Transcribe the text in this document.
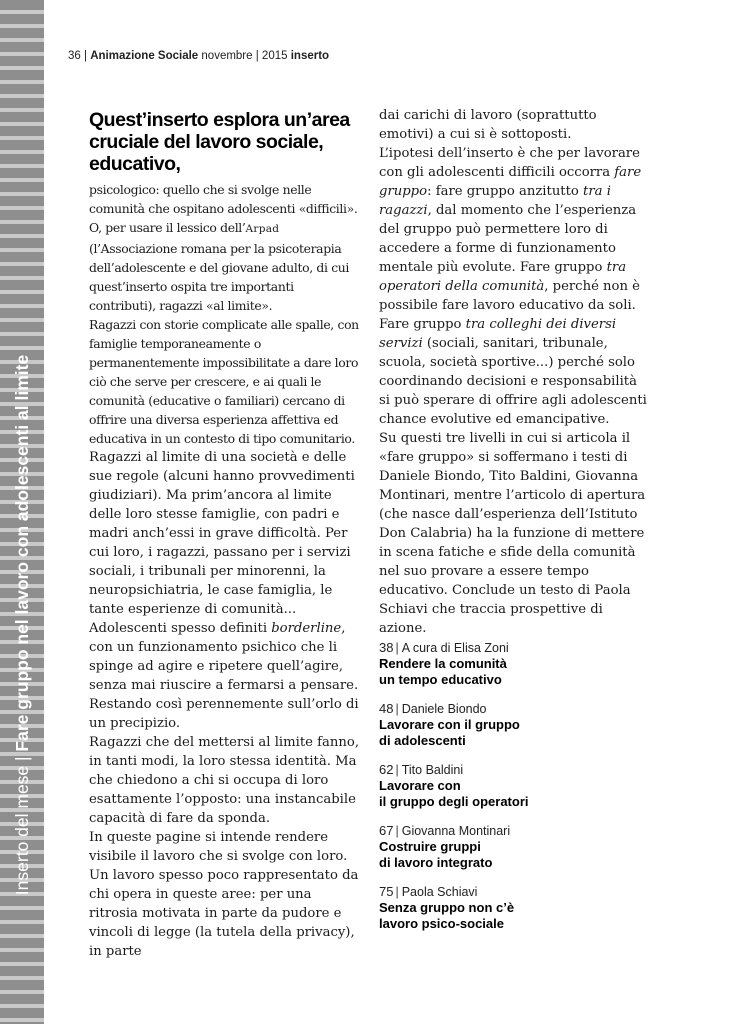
Inserto del mese | Fare gruppo nel lavoro con adolescenti al limite
36 | Animazione Sociale novembre | 2015 inserto
Quest’inserto esplora un’area cruciale del lavoro sociale, educativo,

psicologico: quello che si svolge nelle comunità che ospitano adolescenti «difficili». O, per usare il lessico dell’Arpad (l’Associazione romana per la psicoterapia dell’adolescente e del giovane adulto, di cui quest’inserto ospita tre importanti contributi), ragazzi «al limite».

Ragazzi con storie complicate alle spalle, con famiglie temporaneamente o permanentemente impossibilitate a dare loro ciò che serve per crescere, e ai quali le comunità (educative o familiari) cercano di offrire una diversa esperienza affettiva ed educativa in un contesto di tipo comunitario.

Ragazzi al limite di una società e delle sue regole (alcuni hanno provvedimenti giudiziari). Ma prim’ancora al limite delle loro stesse famiglie, con padri e madri anch’essi in grave difficoltà. Per cui loro, i ragazzi, passano per i servizi sociali, i tribunali per minorenni, la neuropsichiatria, le case famiglia, le tante esperienze di comunità...

Adolescenti spesso definiti borderline, con un funzionamento psichico che li spinge ad agire e ripetere quell’agire, senza mai riuscire a fermarsi a pensare. Restando così perennemente sull’orlo di un precipizio.

Ragazzi che del mettersi al limite fanno, in tanti modi, la loro stessa identità. Ma che chiedono a chi si occupa di loro esattamente l’opposto: una instancabile capacità di fare da sponda.

In queste pagine si intende rendere visibile il lavoro che si svolge con loro. Un lavoro spesso poco rappresentato da chi opera in queste aree: per una ritrosia motivata in parte da pudore e vincoli di legge (la tutela della privacy), in parte

dai carichi di lavoro (soprattutto emotivi) a cui si è sottoposti.

L’ipotesi dell’inserto è che per lavorare con gli adolescenti difficili occorra fare gruppo: fare gruppo anzitutto tra i ragazzi, dal momento che l’esperienza del gruppo può permettere loro di accedere a forme di funzionamento mentale più evolute. Fare gruppo tra operatori della comunità, perché non è possibile fare lavoro educativo da soli. Fare gruppo tra colleghi dei diversi servizi (sociali, sanitari, tribunale, scuola, società sportive...) perché solo coordinando decisioni e responsabilità si può sperare di offrire agli adolescenti chance evolutive ed emancipative.

Su questi tre livelli in cui si articola il «fare gruppo» si soffermano i testi di Daniele Biondo, Tito Baldini, Giovanna Montinari, mentre l’articolo di apertura (che nasce dall’esperienza dell’Istituto Don Calabria) ha la funzione di mettere in scena fatiche e sfide della comunità nel suo provare a essere tempo educativo. Conclude un testo di Paola Schiavi che traccia prospettive di azione.

38 | A cura di Elisa Zoni
Rendere la comunità
un tempo educativo
48 | Daniele Biondo
Lavorare con il gruppo
di adolescenti
62 | Tito Baldini
Lavorare con
il gruppo degli operatori
67 | Giovanna Montinari
Costruire gruppi
di lavoro integrato
75 | Paola Schiavi
Senza gruppo non c’è
lavoro psico-sociale
